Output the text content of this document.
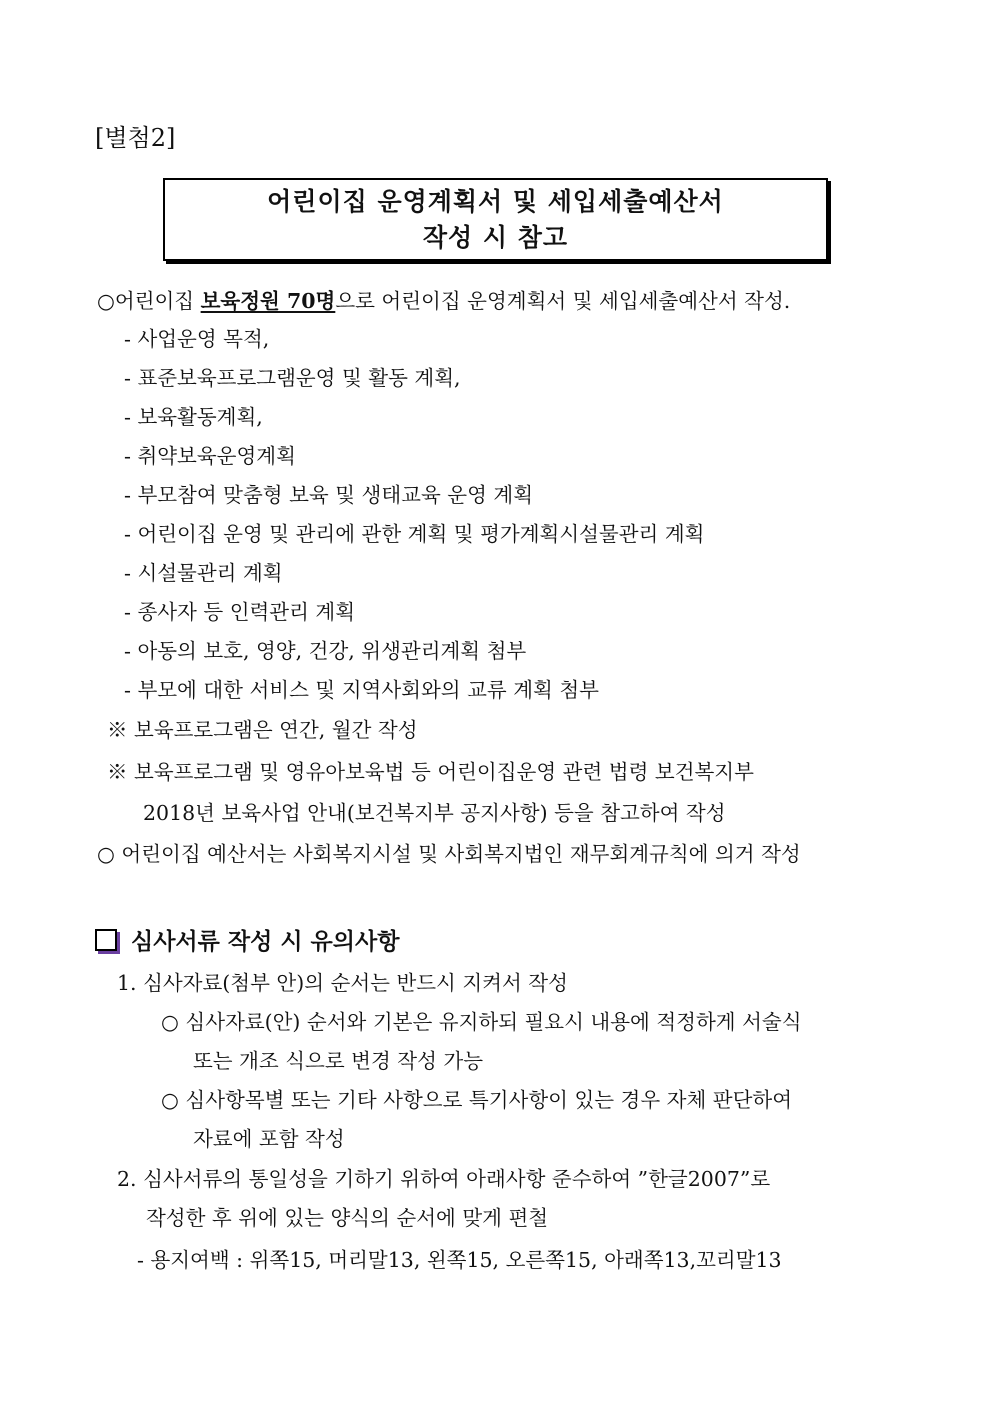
[별첨2]
어린이집 운영계획서 및 세입세출예산서
작성 시 참고
○어린이집 보육정원 70명으로 어린이집 운영계획서 및 세입세출예산서 작성.
- 사업운영 목적,
- 표준보육프로그램운영 및 활동 계획,
- 보육활동계획,
- 취약보육운영계획
- 부모참여 맞춤형 보육 및 생태교육 운영 계획
- 어린이집 운영 및 관리에 관한 계획 및 평가계획시설물관리 계획
- 시설물관리 계획
- 종사자 등 인력관리 계획
- 아동의 보호, 영양, 건강, 위생관리계획 첨부
- 부모에 대한 서비스 및 지역사회와의 교류 계획 첨부
※ 보육프로그램은 연간, 월간 작성
※ 보육프로그램 및 영유아보육법 등 어린이집운영 관련 법령 보건복지부
2018년 보육사업 안내(보건복지부 공지사항) 등을 참고하여 작성
○ 어린이집 예산서는 사회복지시설 및 사회복지법인 재무회계규칙에 의거 작성
심사서류 작성 시 유의사항
1. 심사자료(첨부 안)의 순서는 반드시 지켜서 작성
○ 심사자료(안) 순서와 기본은 유지하되 필요시 내용에 적정하게 서술식
또는 개조 식으로 변경 작성 가능
○ 심사항목별 또는 기타 사항으로 특기사항이 있는 경우 자체 판단하여
자료에 포함 작성
2. 심사서류의 통일성을 기하기 위하여 아래사항 준수하여 ”한글2007”로
작성한 후 위에 있는 양식의 순서에 맞게 편철
- 용지여백 : 위쪽15, 머리말13, 왼쪽15, 오른쪽15, 아래쪽13,꼬리말13
